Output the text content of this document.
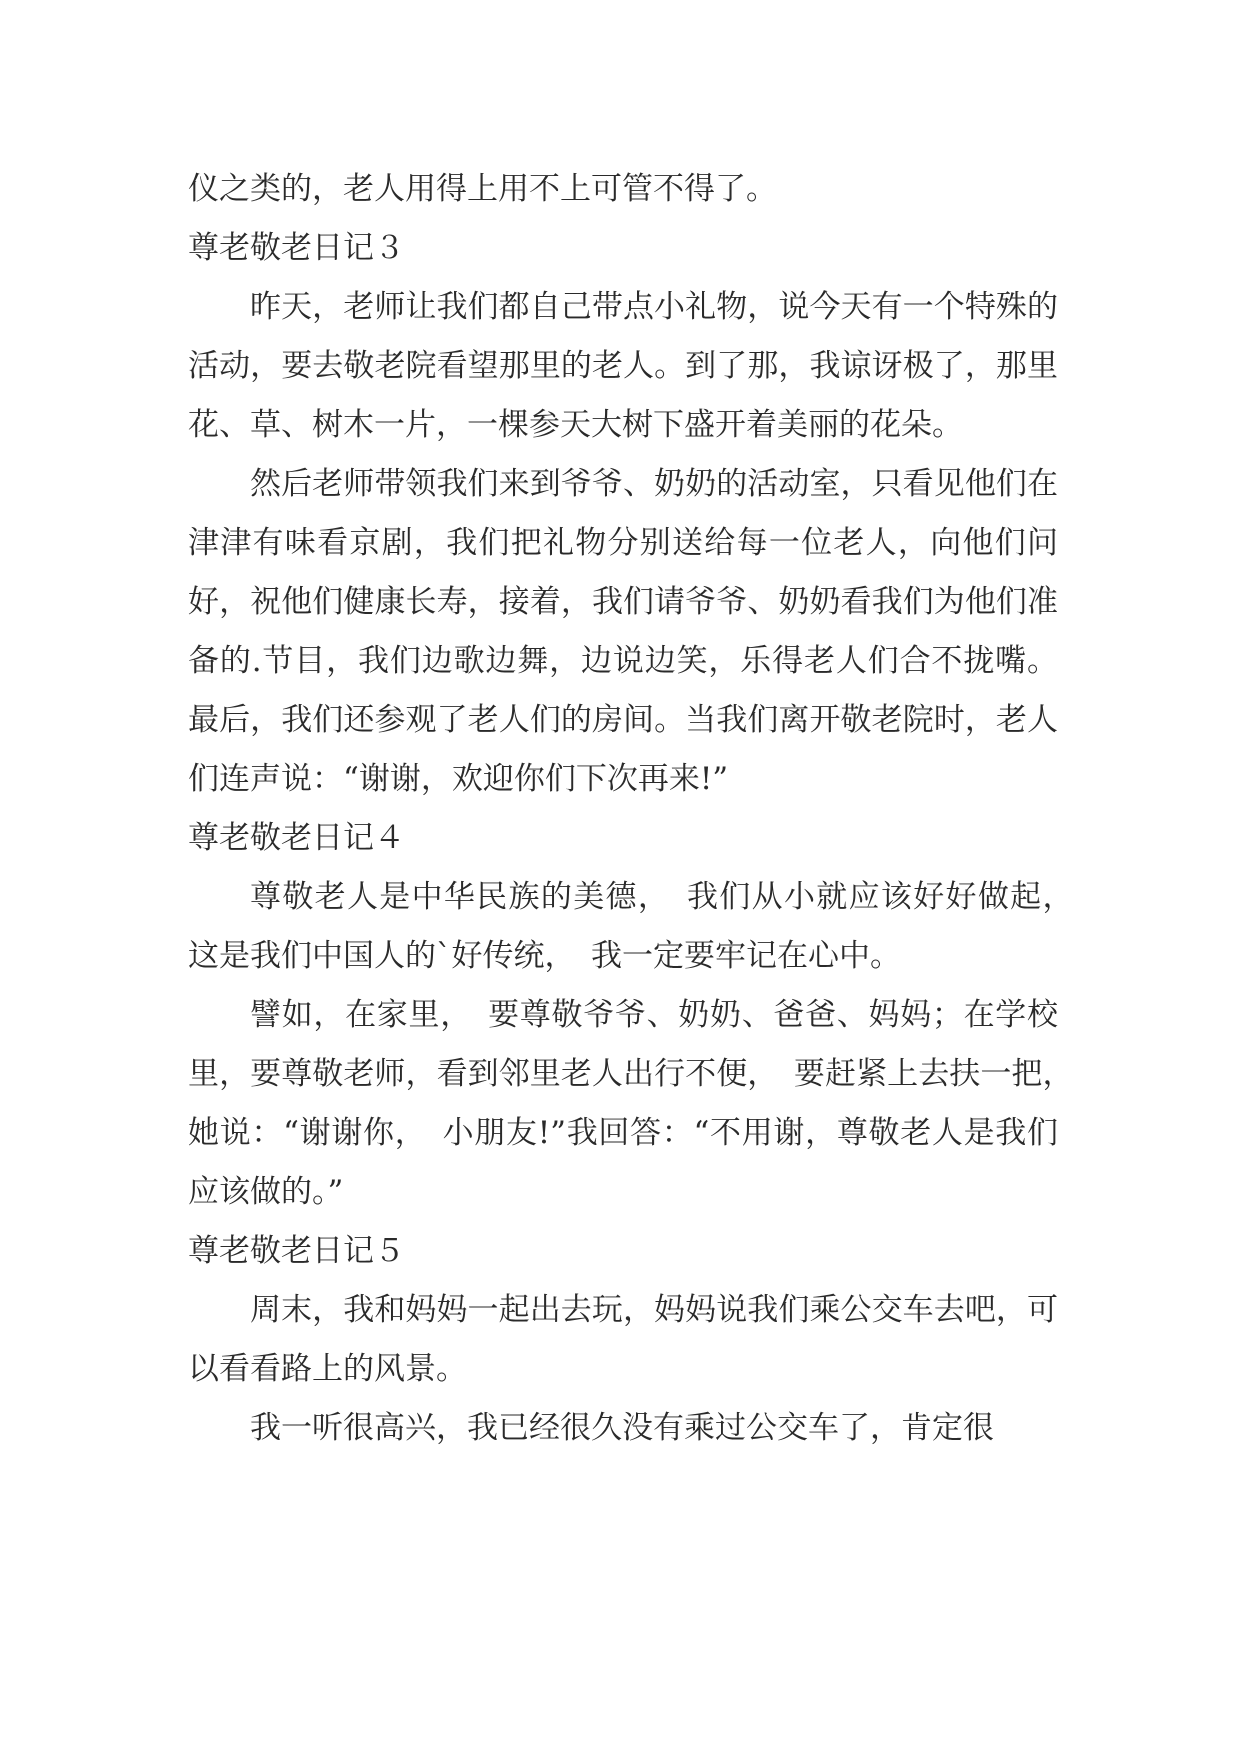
仪之类的，老人用得上用不上可管不得了。

尊老敬老日记３

昨天，老师让我们都自己带点小礼物，说今天有一个特殊的活动，要去敬老院看望那里的老人。到了那，我谅讶极了，那里花、草、树木一片，一棵参天大树下盛开着美丽的花朵。

然后老师带领我们来到爷爷、奶奶的活动室，只看见他们在津津有味看京剧，我们把礼物分别送给每一位老人，向他们问好，祝他们健康长寿，接着，我们请爷爷、奶奶看我们为他们准备的.节目，我们边歌边舞，边说边笑，乐得老人们合不拢嘴。最后，我们还参观了老人们的房间。当我们离开敬老院时，老人们连声说：“谢谢，欢迎你们下次再来!”

尊老敬老日记４

尊敬老人是中华民族的美德，　我们从小就应该好好做起，　这是我们中国人的`好传统，　我一定要牢记在心中。

譬如，在家里，　要尊敬爷爷、奶奶、爸爸、妈妈；在学校里，要尊敬老师，看到邻里老人出行不便，　要赶紧上去扶一把，　她说：“谢谢你，　小朋友!”我回答：“不用谢，尊敬老人是我们应该做的。”

尊老敬老日记５

周末，我和妈妈一起出去玩，妈妈说我们乘公交车去吧，可以看看路上的风景。

我一听很高兴，我已经很久没有乘过公交车了，肯定很
